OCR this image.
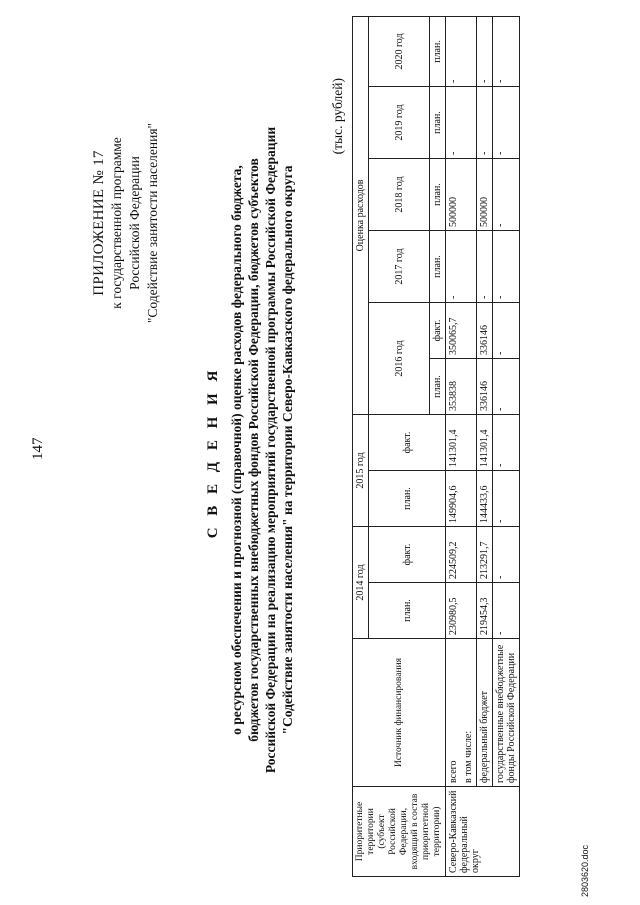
147
ПРИЛОЖЕНИЕ № 17 к государственной программе Российской Федерации "Содействие занятости населения"
С В Е Д Е Н И Я о ресурсном обеспечении и прогнозной (справочной) оценке расходов федерального бюджета, бюджетов государственных внебюджетных фондов Российской Федерации, бюджетов субъектов Российской Федерации на реализацию мероприятий государственной программы Российской Федерации "Содействие занятости населения" на территории Северо-Кавказского федерального округа
(тыс. рублей)
Приоритетные территории (субъект Российской Федерации, входящий в состав приоритетной территории)	Источник финансирования	2014 год		2015 год		Оценка расходов					
		план.	факт.	план.	факт.	2016 год		2017 год	2018 год	2019 год	2020 год
						план.	факт.	план.	план.	план.	план.
Северо-Кавказский федеральный округ	всего в том числе:	230980,5	224509,2	149904,6	141301,4	353838	350065,7	-	500000	-	-
	федеральный бюджет	219454,3	213291,7	144433,6	141301,4	336146	336146	-	500000	-	-
	государственные внебюджетные фонды Российской Федерации	-	-	-	-	-	-	-	-	-	-
2803620.doc
